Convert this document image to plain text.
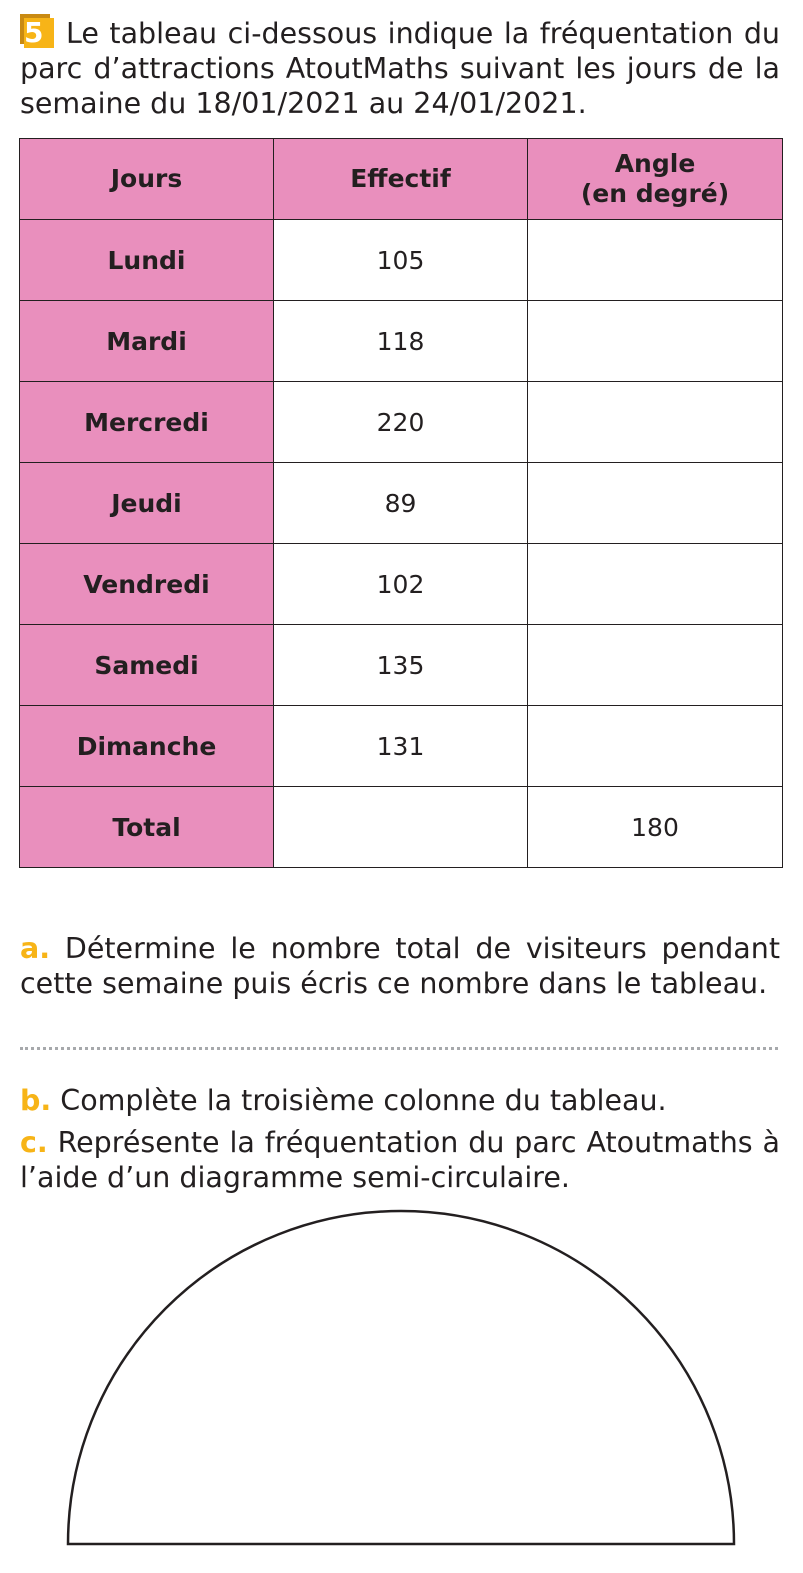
5 Le tableau ci-dessous indique la fréquentation du parc d’attractions AtoutMaths suivant les jours de la semaine du 18/01/2021 au 24/01/2021.

Jours	Effectif	Angle
(en degré)
Lundi	105	
Mardi	118	
Mercredi	220	
Jeudi	89	
Vendredi	102	
Samedi	135	
Dimanche	131	
Total		180

a. Détermine le nombre total de visiteurs pendant cette semaine puis écris ce nombre dans le tableau.

b. Complète la troisième colonne du tableau.

c. Représente la fréquentation du parc Atoutmaths à l’aide d’un diagramme semi-circulaire.
